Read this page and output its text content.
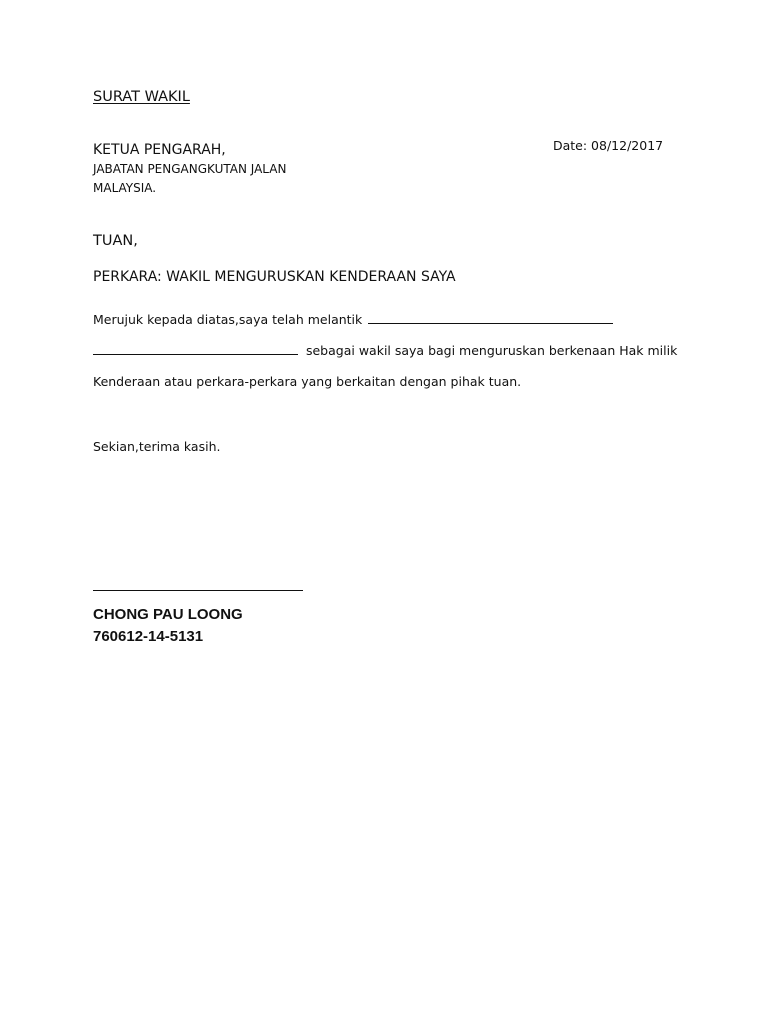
SURAT WAKIL
Date: 08/12/2017
KETUA PENGARAH,
JABATAN PENGANGKUTAN JALAN
MALAYSIA.
TUAN,
PERKARA: WAKIL MENGURUSKAN KENDERAAN SAYA
Merujuk kepada diatas,saya telah melantik
sebagai wakil saya bagi menguruskan berkenaan Hak milik
Kenderaan atau perkara-perkara yang berkaitan dengan pihak tuan.
Sekian,terima kasih.
CHONG PAU LOONG
760612-14-5131
